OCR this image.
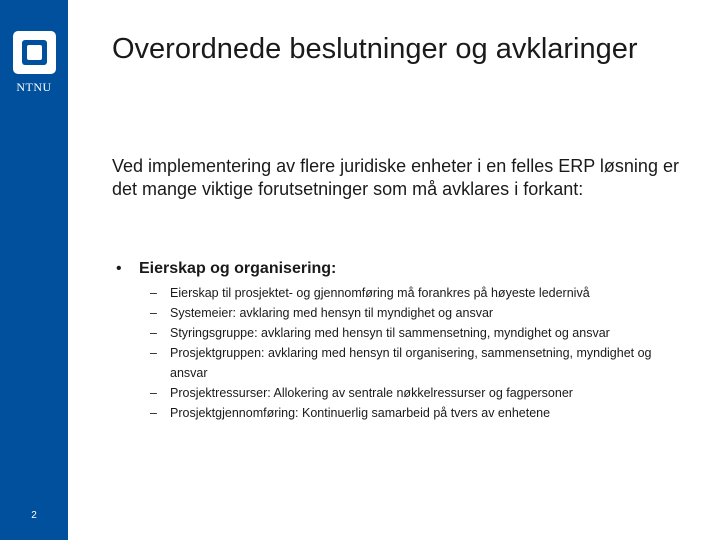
NTNU
2
Overordnede beslutninger og avklaringer

Ved implementering av flere juridiske enheter i en felles ERP løsning er det mange viktige forutsetninger som må avklares i forkant:

• Eierskap og organisering:
– Eierskap til prosjektet- og gjennomføring må forankres på høyeste ledernivå
– Systemeier: avklaring med hensyn til myndighet og ansvar
– Styringsgruppe: avklaring med hensyn til sammensetning, myndighet og ansvar
– Prosjektgruppen: avklaring med hensyn til organisering, sammensetning, myndighet og ansvar
– Prosjektressurser: Allokering av sentrale nøkkelressurser og fagpersoner
– Prosjektgjennomføring: Kontinuerlig samarbeid på tvers av enhetene
